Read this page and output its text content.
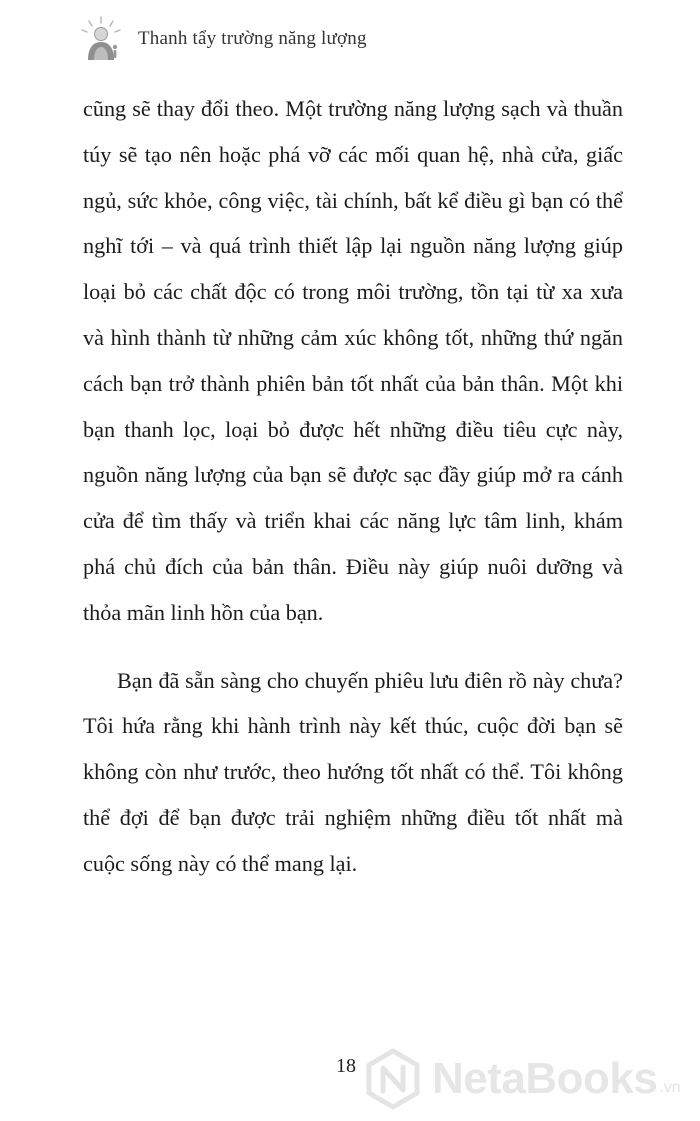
Thanh tẩy trường năng lượng

cũng sẽ thay đổi theo. Một trường năng lượng sạch và thuần túy sẽ tạo nên hoặc phá vỡ các mối quan hệ, nhà cửa, giấc ngủ, sức khỏe, công việc, tài chính, bất kể điều gì bạn có thể nghĩ tới – và quá trình thiết lập lại nguồn năng lượng giúp loại bỏ các chất độc có trong môi trường, tồn tại từ xa xưa và hình thành từ những cảm xúc không tốt, những thứ ngăn cách bạn trở thành phiên bản tốt nhất của bản thân. Một khi bạn thanh lọc, loại bỏ được hết những điều tiêu cực này, nguồn năng lượng của bạn sẽ được sạc đầy giúp mở ra cánh cửa để tìm thấy và triển khai các năng lực tâm linh, khám phá chủ đích của bản thân. Điều này giúp nuôi dưỡng và thỏa mãn linh hồn của bạn.

Bạn đã sẵn sàng cho chuyến phiêu lưu điên rồ này chưa? Tôi hứa rằng khi hành trình này kết thúc, cuộc đời bạn sẽ không còn như trước, theo hướng tốt nhất có thể. Tôi không thể đợi để bạn được trải nghiệm những điều tốt nhất mà cuộc sống này có thể mang lại.

18 NetaBooks .vn
